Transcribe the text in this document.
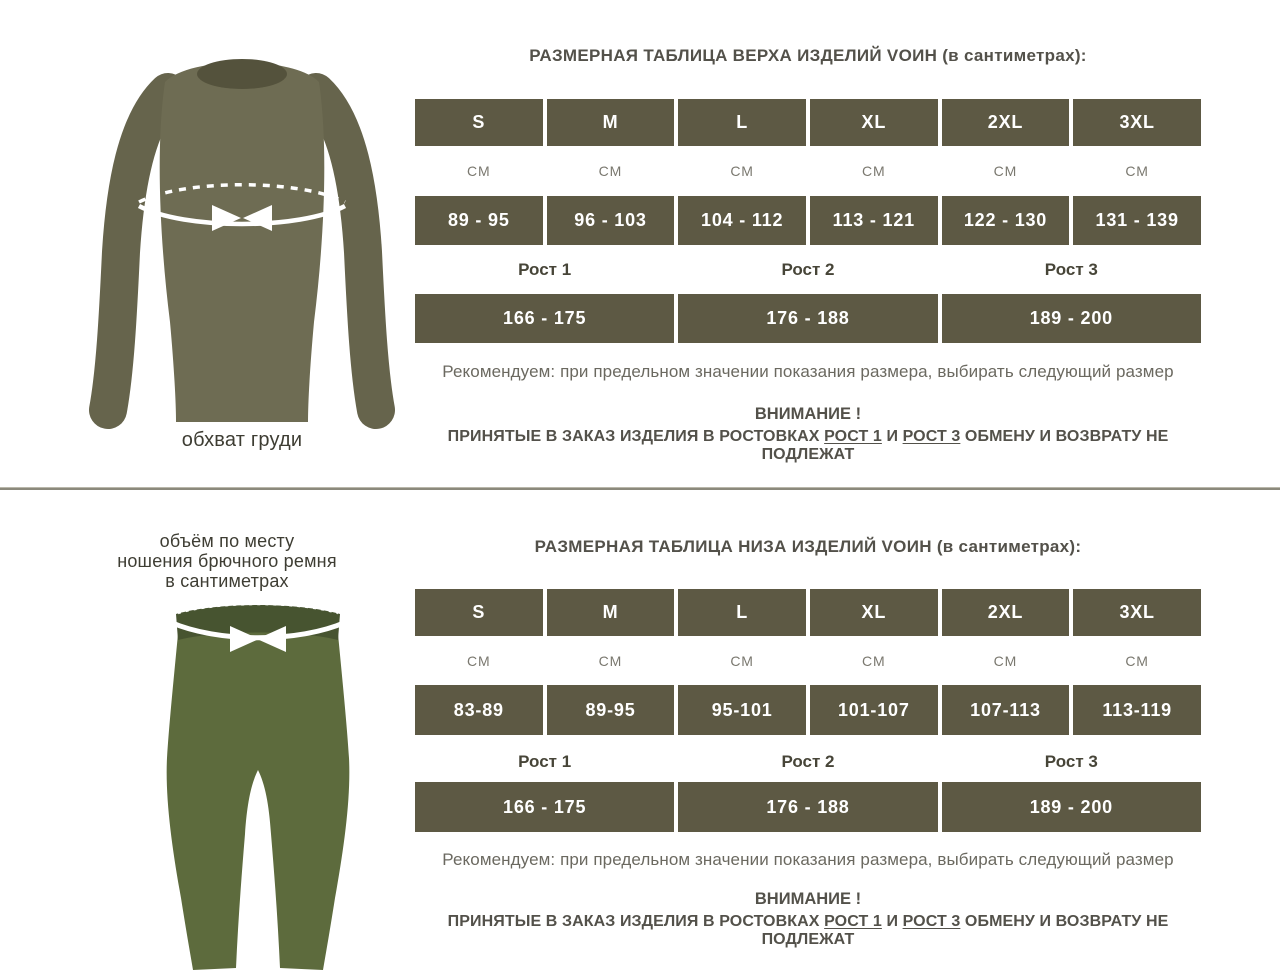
обхват груди
РАЗМЕРНАЯ ТАБЛИЦА ВЕРХА ИЗДЕЛИЙ VOИН (в сантиметрах):
S	M	L	XL	2XL	3XL
СМ	СМ	СМ	СМ	СМ	СМ
89 - 95	96 - 103	104 - 112	113 - 121	122 - 130	131 - 139
Рост 1	Рост 2	Рост 3
166 - 175	176 - 188	189 - 200
Рекомендуем: при предельном значении показания размера, выбирать следующий размер
ВНИМАНИЕ !
ПРИНЯТЫЕ В ЗАКАЗ ИЗДЕЛИЯ В РОСТОВКАХ РОСТ 1 И РОСТ 3 ОБМЕНУ И ВОЗВРАТУ НЕ ПОДЛЕЖАТ
объём по месту
ношения брючного ремня
в сантиметрах
РАЗМЕРНАЯ ТАБЛИЦА НИЗА ИЗДЕЛИЙ VOИН (в сантиметрах):
S	M	L	XL	2XL	3XL
СМ	СМ	СМ	СМ	СМ	СМ
83-89	89-95	95-101	101-107	107-113	113-119
Рост 1	Рост 2	Рост 3
166 - 175	176 - 188	189 - 200
Рекомендуем: при предельном значении показания размера, выбирать следующий размер
ВНИМАНИЕ !
ПРИНЯТЫЕ В ЗАКАЗ ИЗДЕЛИЯ В РОСТОВКАХ РОСТ 1 И РОСТ 3 ОБМЕНУ И ВОЗВРАТУ НЕ ПОДЛЕЖАТ
